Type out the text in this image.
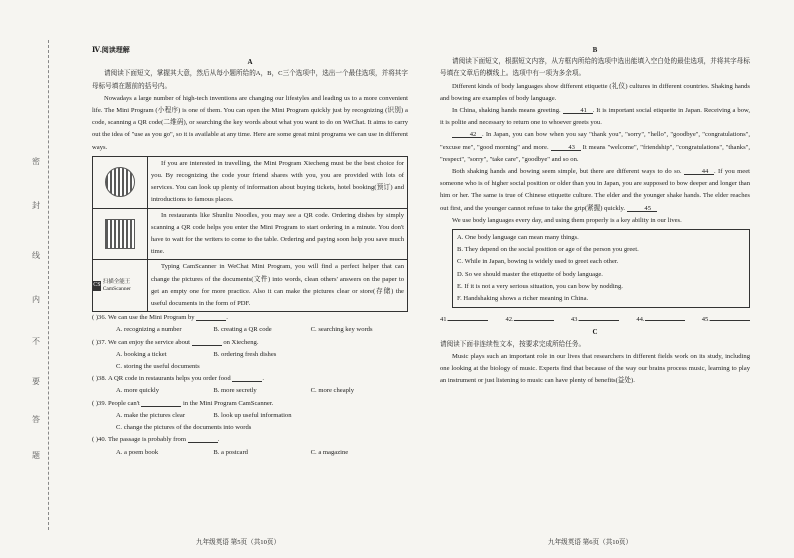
密
封
线
内
不
要
答
题
Ⅳ.阅读理解
A
请阅读下面短文，掌握其大意，然后从每小题所给的A，B，C三个选项中，选出一个最佳选项，并将其字母标号填在题前的括号内。
Nowadays a large number of high-tech inventions are changing our lifestyles and leading us to a more convenient life. The Mini Program (小程序) is one of them. You can open the Mini Program quickly just by recognizing (识别) a code, scanning a QR code(二维码), or searching the key words about what you want to do on WeChat. It aims to carry out the idea of "use as you go", so it is available at any time. Here are some great mini programs we can use in different ways.
If you are interested in travelling, the Mini Program Xiecheng must be the best choice for you. By recognizing the code your friend shares with you, you are provided with lots of services. You can look up plenty of information about buying tickets, hotel booking(预订) and introductions to famous places.
In restaurants like Shunliu Noodles, you may see a QR code. Ordering dishes by simply scanning a QR code helps you enter the Mini Program to start ordering in a minute. You don't have to wait for the writers to come to the table. Ordering and paying soon help you save much time.
CS
扫描全能王 CamScanner
Typing CamScanner in WeChat Mini Program, you will find a perfect helper that can change the pictures of the documents(文件) into words, clean others' answers on the paper to get an empty one for more practice. Also it can make the pictures clear or store(存储) the useful documents in the form of PDF.
( )36.
We can use the Mini Program by
	.
A. recognizing a number	B. creating a QR code	C. searching key words
( )37.
We can enjoy the service about

	on Xiecheng.
A. booking a ticket	B. ordering fresh dishes
C. storing the useful documents
( )38.
A QR code in restaurants helps you order food
	.
A. more quickly	B. more secretly	C. more cheaply
( )39.
People can't

	in the Mini Program CamScanner.
A. make the pictures clear	B. look up useful information
C. change the pictures of the documents into words
( )40.
The passage is probably from
	.
A. a poem book	B. a postcard	C. a magazine
B
请阅读下面短文，根据短文内容，从方框内所给的选项中选出能填入空白处的最佳选项，并将其字母标号填在文章后的横线上。选项中有一项为多余项。
Different kinds of body languages show different etiquette (礼仪) cultures in different countries. Shaking hands and bowing are examples of body language.
In China, shaking hands means greeting.	41 . It is important social etiquette in Japan. Receiving a bow, it is polite and necessary to return one to whoever greets you.
42 . In Japan, you can bow when you say "thank you", "sorry", "hello", "goodbye", "congratulations", "excuse me", "good morning" and more.	43 It means "welcome", "friendship", "congratulations", "thanks", "respect", "sorry", "take care", "goodbye" and so on.
Both shaking hands and bowing seem simple, but there are different ways to do so.	44 . If you meet someone who is of higher social position or older than you in Japan, you are supposed to bow deeper and longer than him or her. The same is true of Chinese etiquette culture. The elder and the younger shake hands. The elder reaches out first, and the younger cannot refuse to take the grip(紧握) quickly.	45
We use body languages every day, and using them properly is a key ability in our lives.
A. One body language can mean many things.
B. They depend on the social position or age of the person you greet.
C. While in Japan, bowing is widely used to greet each other.
D. So we should master the etiquette of body language.
E. If it is not a very serious situation, you can bow by nodding.
F. Handshaking shows a richer meaning in China.
41.	42.	43.	44.	45.
C
请阅读下面非连续性文本，按要求完成所给任务。
Music plays such an important role in our lives that researchers in different fields work on its study, including one looking at the biology of music. Experts find that because of the way our brains process music, learning to play an instrument or just listening to music can have plenty of benefits(益处).
九年级英语 第5页（共10页）	九年级英语 第6页（共10页）
